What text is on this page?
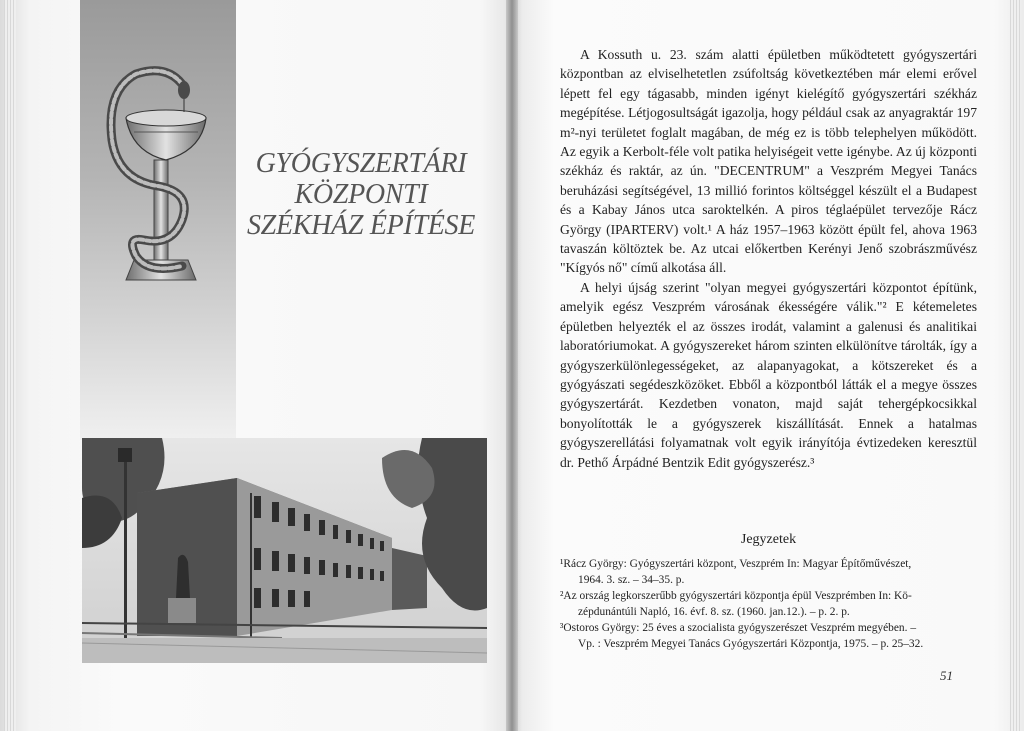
GYÓGYSZERTÁRI
KÖZPONTI
SZÉKHÁZ ÉPÍTÉSE

A Kossuth u. 23. szám alatti épületben működtetett gyógyszertári központban az elviselhetetlen zsúfoltság következtében már elemi erővel lépett fel egy tágasabb, minden igényt kielégítő gyógyszertári székház megépítése. Létjogosultságát igazolja, hogy például csak az anyagraktár 197 m²-nyi területet foglalt magában, de még ez is több telephelyen működött. Az egyik a Kerbolt-féle volt patika helyiségeit vette igénybe. Az új központi székház és raktár, az ún. "DECENTRUM" a Veszprém Megyei Tanács beruházási segítségével, 13 millió forintos költséggel készült el a Budapest és a Kabay János utca saroktelkén. A piros téglaépület tervezője Rácz György (IPARTERV) volt.¹ A ház 1957–1963 között épült fel, ahova 1963 tavaszán költöztek be. Az utcai előkertben Kerényi Jenő szobrászművész "Kígyós nő" című alkotása áll.

A helyi újság szerint "olyan megyei gyógyszertári központot építünk, amelyik egész Veszprém városának ékességére válik."² E kétemeletes épületben helyezték el az összes irodát, valamint a galenusi és analitikai laboratóriumokat. A gyógyszereket három szinten elkülönítve tárolták, így a gyógyszerkülönlegességeket, az alapanyagokat, a kötszereket és a gyógyászati segédeszközöket. Ebből a központból látták el a megye összes gyógyszertárát. Kezdetben vonaton, majd saját tehergépkocsikkal bonyolították le a gyógyszerek kiszállítását. Ennek a hatalmas gyógyszerellátási folyamatnak volt egyik irányítója évtizedeken keresztül dr. Pethő Árpádné Bentzik Edit gyógyszerész.³

Jegyzetek
¹Rácz György: Gyógyszertári központ, Veszprém In: Magyar Építőművészet,
1964. 3. sz. – 34–35. p.
²Az ország legkorszerűbb gyógyszertári központja épül Veszprémben In: Kö-
zépdunántúli Napló, 16. évf. 8. sz. (1960. jan.12.). – p. 2. p.
³Ostoros György: 25 éves a szocialista gyógyszerészet Veszprém megyében. –
Vp. : Veszprém Megyei Tanács Gyógyszertári Központja, 1975. – p. 25–32.
51
